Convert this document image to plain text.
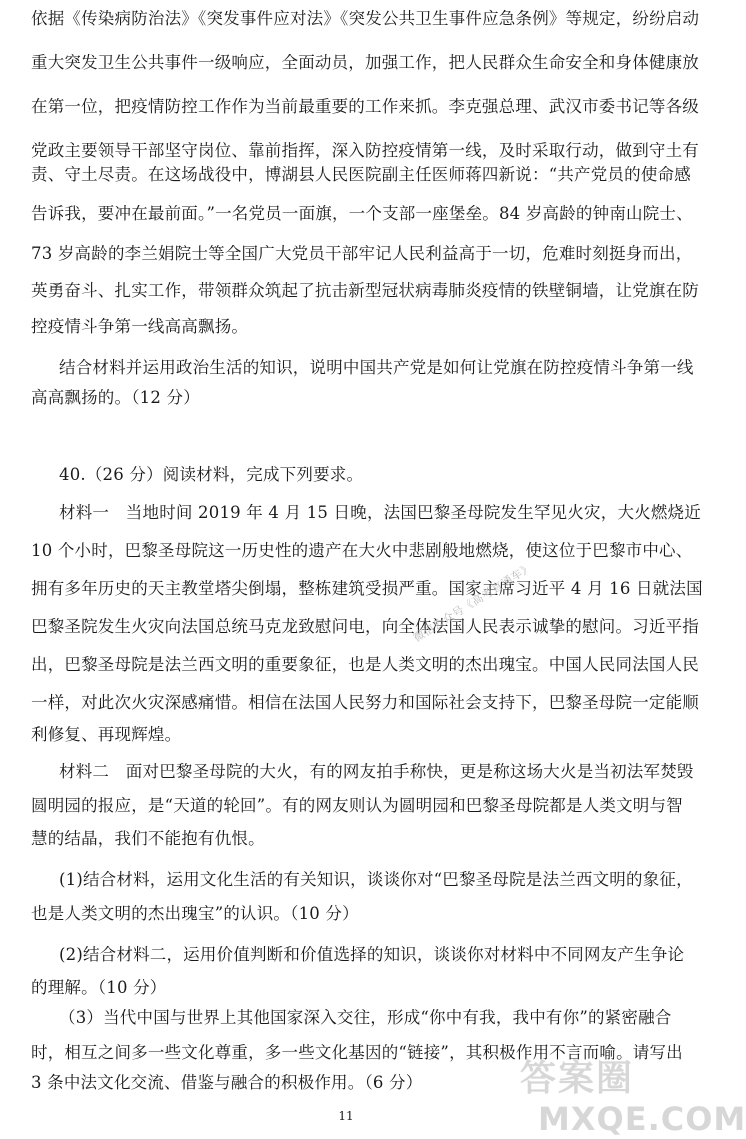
依据《传染病防治法》《突发事件应对法》《突发公共卫生事件应急条例》等规定，纷纷启动
重大突发卫生公共事件一级响应，全面动员，加强工作，把人民群众生命安全和身体健康放
在第一位，把疫情防控工作作为当前最重要的工作来抓。李克强总理、武汉市委书记等各级
党政主要领导干部坚守岗位、靠前指挥，深入防控疫情第一线，及时采取行动，做到守土有
责、守土尽责。在这场战役中，博湖县人民医院副主任医师蒋四新说：“共产党员的使命感
告诉我，要冲在最前面。”一名党员一面旗，一个支部一座堡垒。84 岁高龄的钟南山院士、
73 岁高龄的李兰娟院士等全国广大党员干部牢记人民利益高于一切，危难时刻挺身而出，
英勇奋斗、扎实工作，带领群众筑起了抗击新型冠状病毒肺炎疫情的铁壁铜墙，让党旗在防
控疫情斗争第一线高高飘扬。
结合材料并运用政治生活的知识，说明中国共产党是如何让党旗在防控疫情斗争第一线
高高飘扬的。（12 分）
40.（26 分）阅读材料，完成下列要求。
材料一　当地时间 2019 年 4 月 15 日晚，法国巴黎圣母院发生罕见火灾，大火燃烧近
10 个小时，巴黎圣母院这一历史性的遗产在大火中悲剧般地燃烧，使这位于巴黎市中心、
拥有多年历史的天主教堂塔尖倒塌，整栋建筑受损严重。国家主席习近平 4 月 16 日就法国
巴黎圣院发生火灾向法国总统马克龙致慰问电，向全体法国人民表示诚挚的慰问。习近平指
出，巴黎圣母院是法兰西文明的重要象征，也是人类文明的杰出瑰宝。中国人民同法国人民
一样，对此次火灾深感痛惜。相信在法国人民努力和国际社会支持下，巴黎圣母院一定能顺
利修复、再现辉煌。
材料二　面对巴黎圣母院的大火，有的网友拍手称快，更是称这场大火是当初法军焚毁
圆明园的报应，是“天道的轮回”。有的网友则认为圆明园和巴黎圣母院都是人类文明与智
慧的结晶，我们不能抱有仇恨。
(1)结合材料，运用文化生活的有关知识，谈谈你对“巴黎圣母院是法兰西文明的象征，
也是人类文明的杰出瑰宝”的认识。（10 分）
(2)结合材料二，运用价值判断和价值选择的知识，谈谈你对材料中不同网友产生争论
的理解。（10 分）
（3）当代中国与世界上其他国家深入交往，形成“你中有我，我中有你”的紧密融合
时，相互之间多一些文化尊重，多一些文化基因的“链接”，其积极作用不言而喻。请写出
3 条中法文化交流、借鉴与融合的积极作用。（6 分）
微信公众号《高考直通车》
答案圈
MXQE.COM
11
